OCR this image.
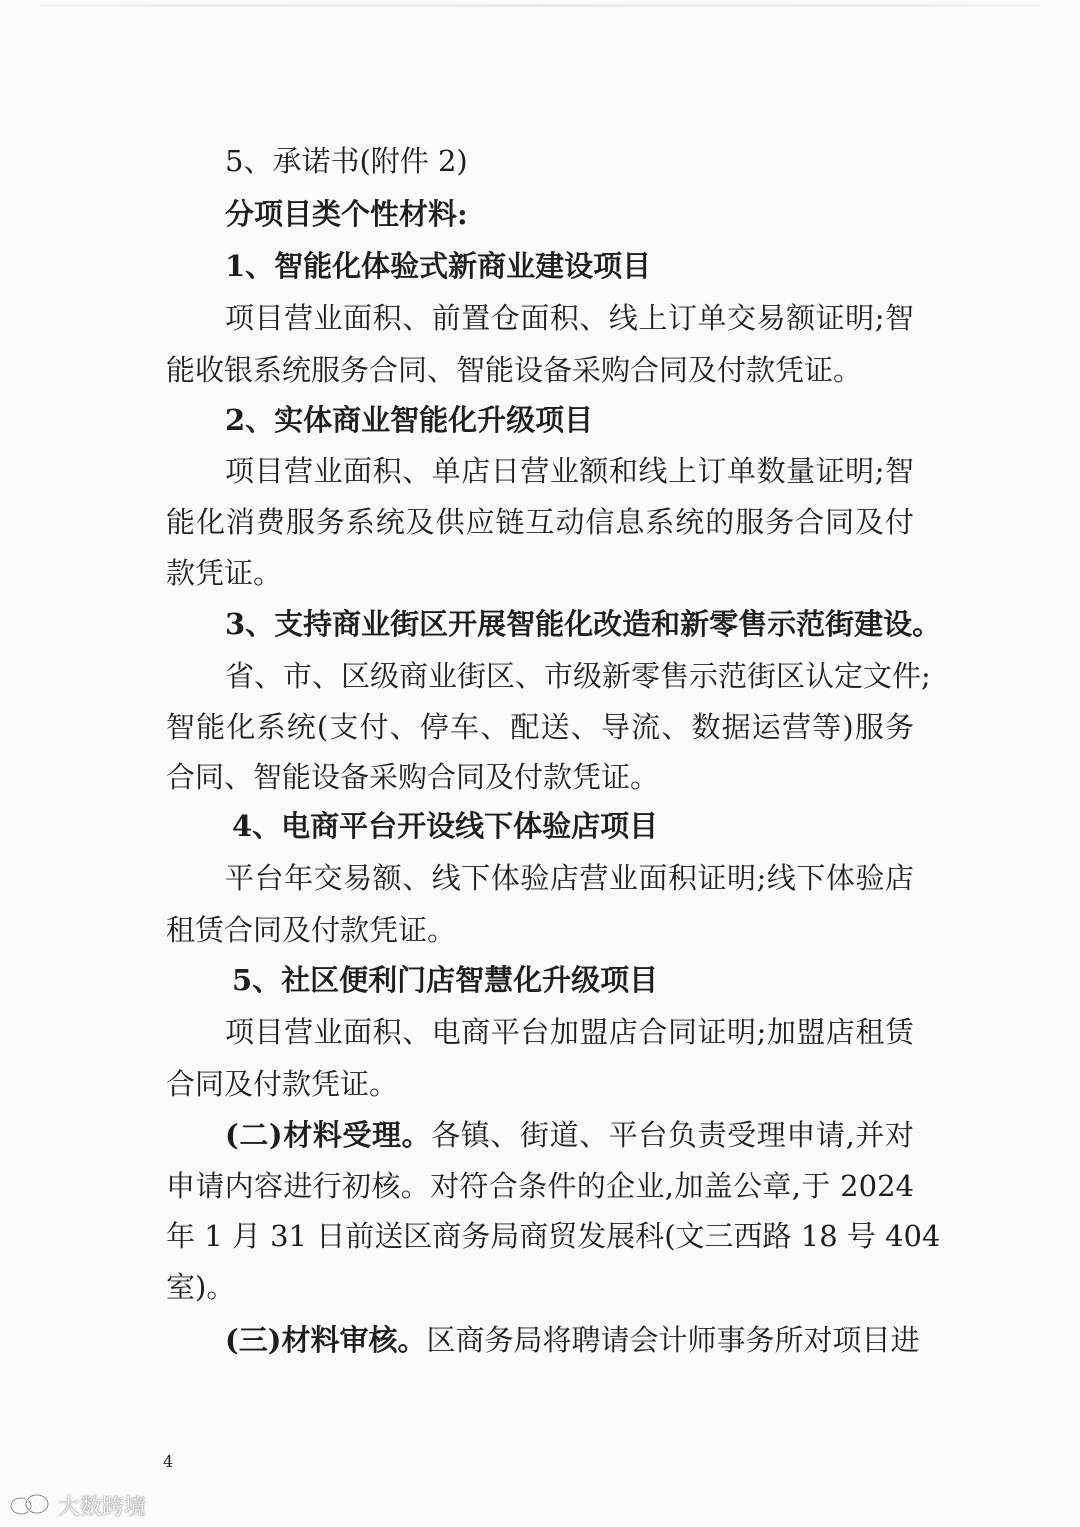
5、承诺书(附件 2)
分项目类个性材料:
1、智能化体验式新商业建设项目
项目营业面积、前置仓面积、线上订单交易额证明;智
能收银系统服务合同、智能设备采购合同及付款凭证。
2、实体商业智能化升级项目
项目营业面积、单店日营业额和线上订单数量证明;智
能化消费服务系统及供应链互动信息系统的服务合同及付
款凭证。
3、支持商业街区开展智能化改造和新零售示范街建设。
省、市、区级商业街区、市级新零售示范街区认定文件;
智能化系统(支付、停车、配送、导流、数据运营等)服务
合同、智能设备采购合同及付款凭证。
4、电商平台开设线下体验店项目
平台年交易额、线下体验店营业面积证明;线下体验店
租赁合同及付款凭证。
5、社区便利门店智慧化升级项目
项目营业面积、电商平台加盟店合同证明;加盟店租赁
合同及付款凭证。
(二)材料受理。各镇、街道、平台负责受理申请,并对
申请内容进行初核。对符合条件的企业,加盖公章,于 2024
年 1 月 31 日前送区商务局商贸发展科(文三西路 18 号 404
室)。
(三)材料审核。区商务局将聘请会计师事务所对项目进
4
大数跨境
